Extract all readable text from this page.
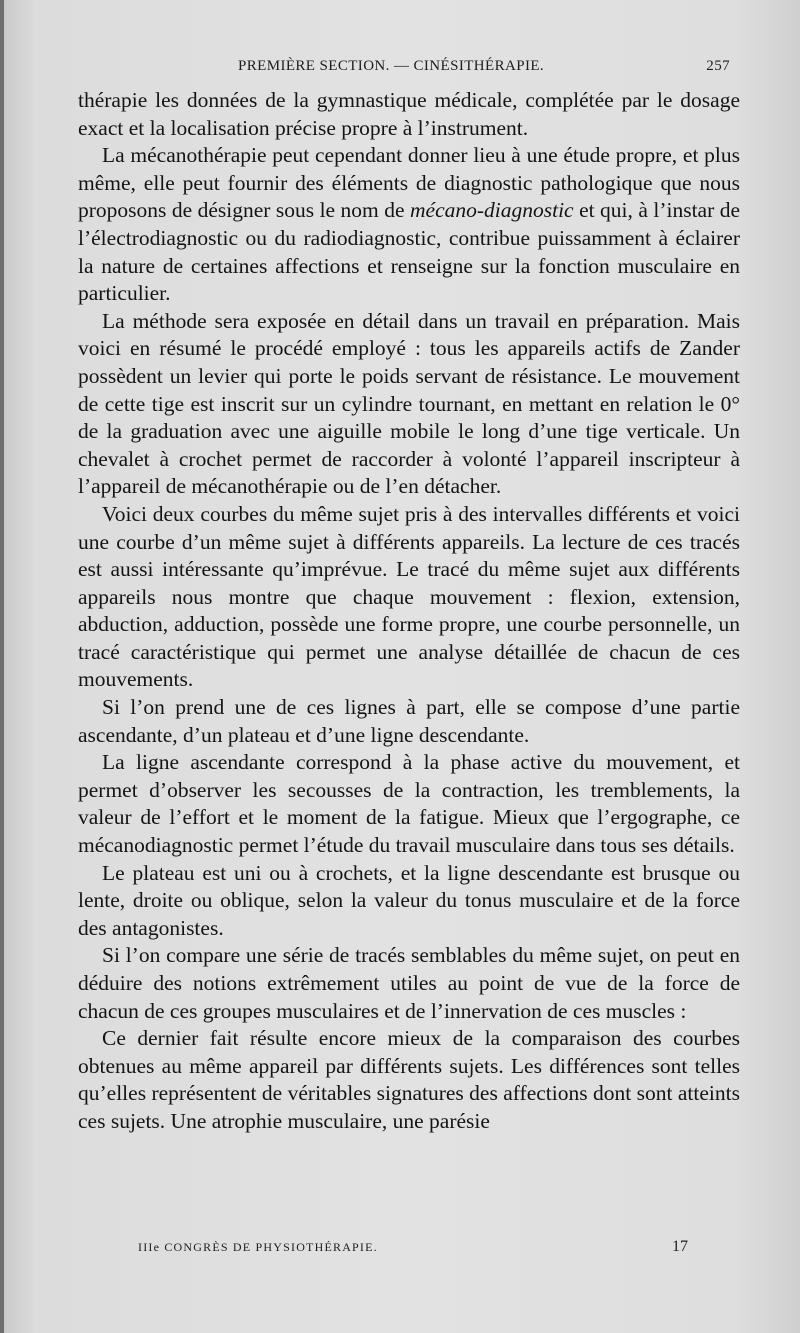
PREMIÈRE SECTION. — CINÉSITHÉRAPIE.	257

thérapie les données de la gymnastique médicale, complétée par le dosage exact et la localisation précise propre à l’instrument.

La mécanothérapie peut cependant donner lieu à une étude propre, et plus même, elle peut fournir des éléments de diagnostic pathologique que nous proposons de désigner sous le nom de mécano-diagnostic et qui, à l’instar de l’électrodiagnostic ou du radiodiagnostic, contribue puissamment à éclairer la nature de certaines affections et renseigne sur la fonction musculaire en particulier.

La méthode sera exposée en détail dans un travail en préparation. Mais voici en résumé le procédé employé : tous les appareils actifs de Zander possèdent un levier qui porte le poids servant de résistance. Le mouvement de cette tige est inscrit sur un cylindre tournant, en mettant en relation le 0° de la graduation avec une aiguille mobile le long d’une tige verticale. Un chevalet à crochet permet de raccorder à volonté l’appareil inscripteur à l’appareil de mécanothérapie ou de l’en détacher.

Voici deux courbes du même sujet pris à des intervalles différents et voici une courbe d’un même sujet à différents appareils. La lecture de ces tracés est aussi intéressante qu’imprévue. Le tracé du même sujet aux différents appareils nous montre que chaque mouvement : flexion, extension, abduction, adduction, possède une forme propre, une courbe personnelle, un tracé caractéristique qui permet une analyse détaillée de chacun de ces mouvements.

Si l’on prend une de ces lignes à part, elle se compose d’une partie ascendante, d’un plateau et d’une ligne descendante.

La ligne ascendante correspond à la phase active du mouvement, et permet d’observer les secousses de la contraction, les tremblements, la valeur de l’effort et le moment de la fatigue. Mieux que l’ergographe, ce mécanodiagnostic permet l’étude du travail musculaire dans tous ses détails.

Le plateau est uni ou à crochets, et la ligne descendante est brusque ou lente, droite ou oblique, selon la valeur du tonus musculaire et de la force des antagonistes.

Si l’on compare une série de tracés semblables du même sujet, on peut en déduire des notions extrêmement utiles au point de vue de la force de chacun de ces groupes musculaires et de l’innervation de ces muscles :

Ce dernier fait résulte encore mieux de la comparaison des courbes obtenues au même appareil par différents sujets. Les différences sont telles qu’elles représentent de véritables signatures des affections dont sont atteints ces sujets. Une atrophie musculaire, une parésie

IIIe CONGRÈS DE PHYSIOTHÉRAPIE.	17
